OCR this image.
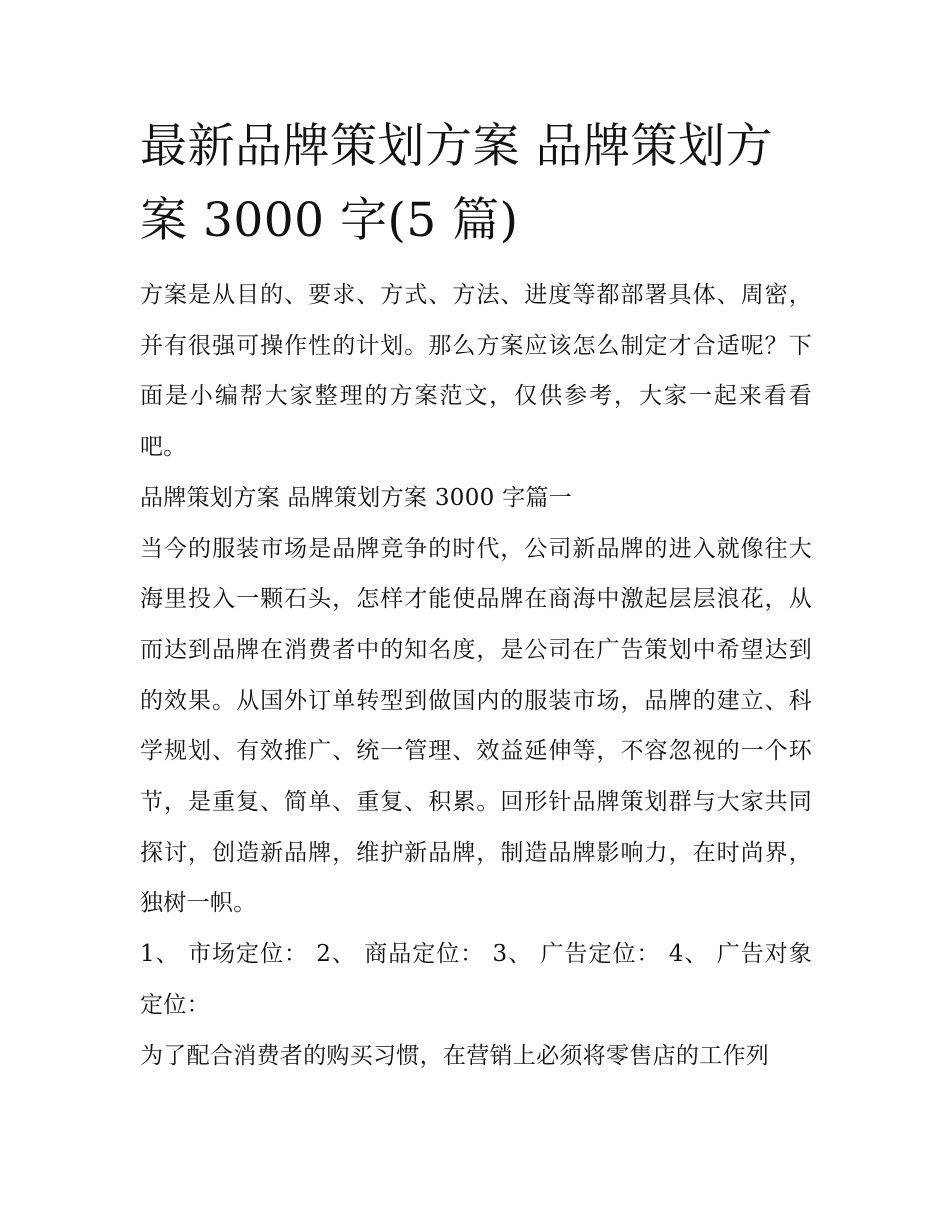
最新品牌策划方案 品牌策划方案 3000 字(5 篇)

方案是从目的、要求、方式、方法、进度等都部署具体、周密，并有很强可操作性的计划。那么方案应该怎么制定才合适呢？下面是小编帮大家整理的方案范文，仅供参考，大家一起来看看吧。

品牌策划方案 品牌策划方案 3000 字篇一

当今的服装市场是品牌竞争的时代，公司新品牌的进入就像往大海里投入一颗石头，怎样才能使品牌在商海中激起层层浪花，从而达到品牌在消费者中的知名度，是公司在广告策划中希望达到的效果。从国外订单转型到做国内的服装市场，品牌的建立、科学规划、有效推广、统一管理、效益延伸等，不容忽视的一个环节，是重复、简单、重复、积累。回形针品牌策划群与大家共同探讨，创造新品牌，维护新品牌，制造品牌影响力，在时尚界，独树一帜。

1、 市场定位： 2、 商品定位： 3、 广告定位： 4、 广告对象定位：

为了配合消费者的购买习惯，在营销上必须将零售店的工作列
